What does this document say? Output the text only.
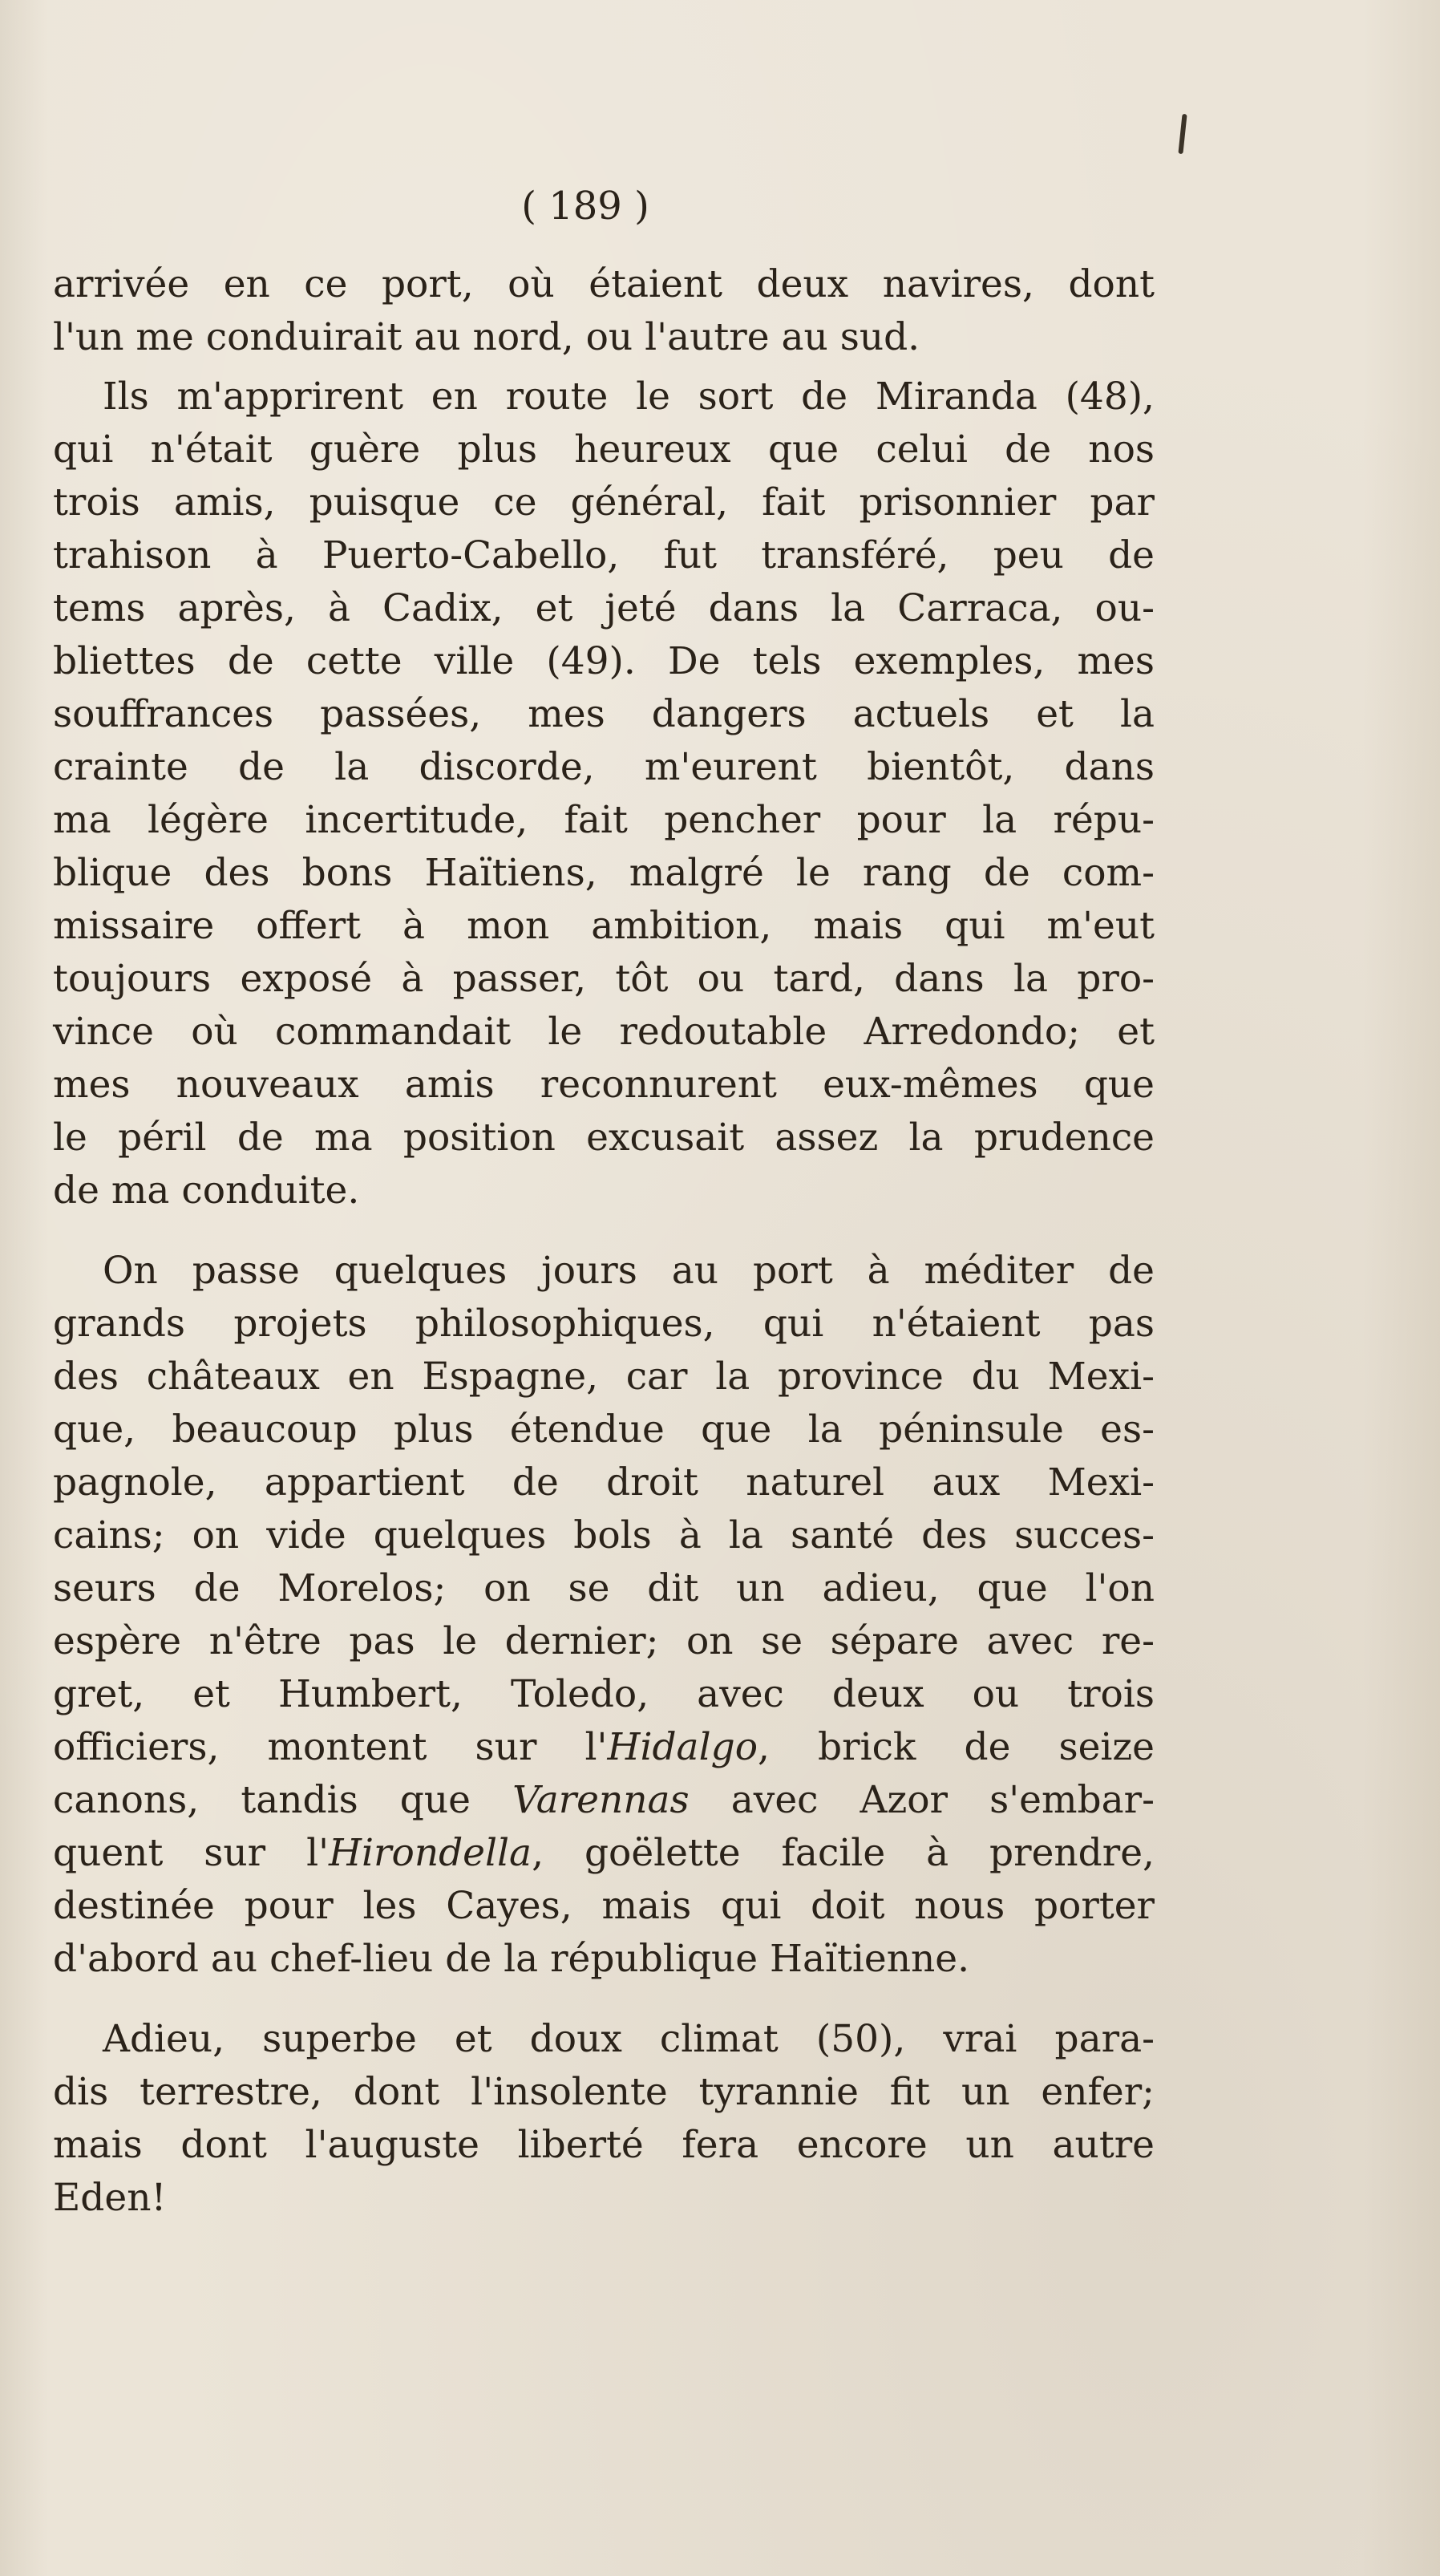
( 189 )
arrivée en ce port, où étaient deux navires, dont
l'un me conduirait au nord, ou l'autre au sud.
Ils m'apprirent en route le sort de Miranda (48),
qui n'était guère plus heureux que celui de nos
trois amis, puisque ce général, fait prisonnier par
trahison à Puerto-Cabello, fut transféré, peu de
tems après, à Cadix, et jeté dans la Carraca, ou-
bliettes de cette ville (49). De tels exemples, mes
souffrances passées, mes dangers actuels et la
crainte de la discorde, m'eurent bientôt, dans
ma légère incertitude, fait pencher pour la répu-
blique des bons Haïtiens, malgré le rang de com-
missaire offert à mon ambition, mais qui m'eut
toujours exposé à passer, tôt ou tard, dans la pro-
vince où commandait le redoutable Arredondo; et
mes nouveaux amis reconnurent eux-mêmes que
le péril de ma position excusait assez la prudence
de ma conduite.
On passe quelques jours au port à méditer de
grands projets philosophiques, qui n'étaient pas
des châteaux en Espagne, car la province du Mexi-
que, beaucoup plus étendue que la péninsule es-
pagnole, appartient de droit naturel aux Mexi-
cains; on vide quelques bols à la santé des succes-
seurs de Morelos; on se dit un adieu, que l'on
espère n'être pas le dernier; on se sépare avec re-
gret, et Humbert, Toledo, avec deux ou trois
officiers, montent sur l'Hidalgo, brick de seize
canons, tandis que Varennas avec Azor s'embar-
quent sur l'Hirondella, goëlette facile à prendre,
destinée pour les Cayes, mais qui doit nous porter
d'abord au chef-lieu de la république Haïtienne.
Adieu, superbe et doux climat (50), vrai para-
dis terrestre, dont l'insolente tyrannie fit un enfer;
mais dont l'auguste liberté fera encore un autre
Eden!
